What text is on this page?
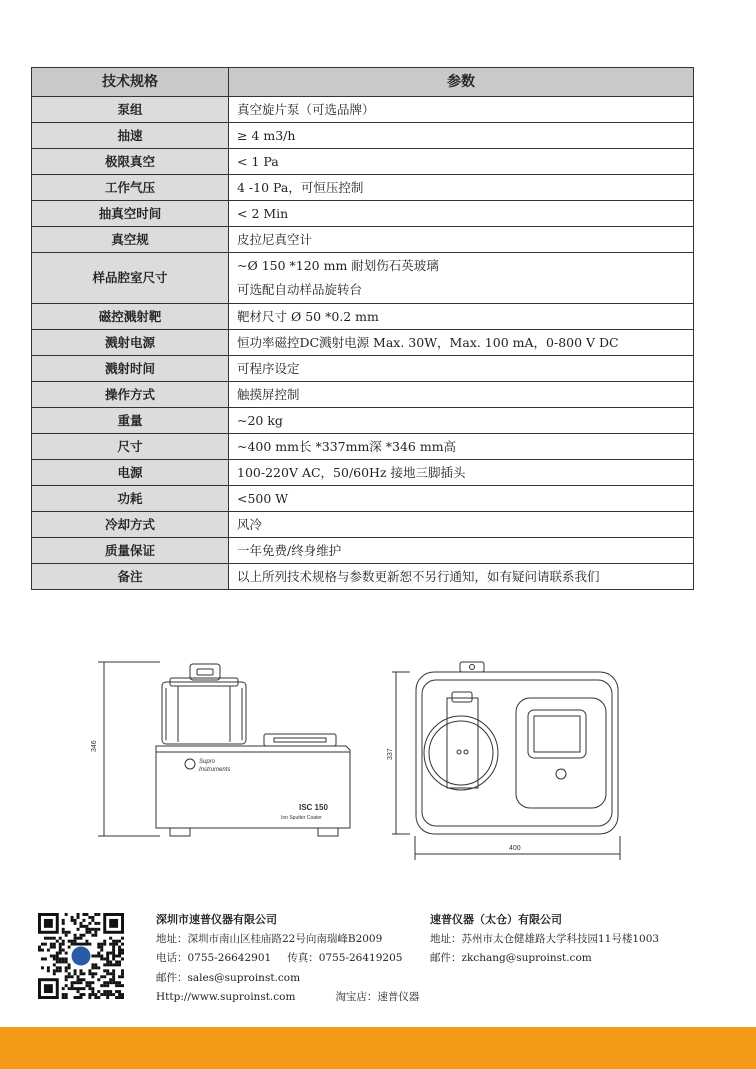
技术规格	参数
泵组	真空旋片泵（可选品牌）
抽速	≥ 4 m3/h
极限真空	< 1 Pa
工作气压	4 -10 Pa，可恒压控制
抽真空时间	< 2 Min
真空规	皮拉尼真空计
样品腔室尺寸	~Ø 150 *120 mm 耐划伤石英玻璃
可选配自动样品旋转台

磁控溅射靶	靶材尺寸 Ø 50 *0.2 mm
溅射电源	恒功率磁控DC溅射电源 Max. 30W，Max. 100 mA，0-800 V DC
溅射时间	可程序设定
操作方式	触摸屏控制
重量	~20 kg
尺寸	~400 mm长 *337mm深 *346 mm高
电源	100-220V AC，50/60Hz 接地三脚插头
功耗	<500 W
冷却方式	风冷
质量保证	一年免费/终身维护
备注	以上所列技术规格与参数更新恕不另行通知，如有疑问请联系我们
346
Supro
Instruments
ISC 150
Ion Sputter Coater
337
400
深圳市速普仪器有限公司
地址：深圳市南山区桂庙路22号向南瑞峰B2009
电话：0755-26642901 传真：0755-26419205
邮件：sales@suproinst.com
Http://www.suproinst.com	淘宝店：速普仪器
速普仪器（太仓）有限公司
地址：苏州市太仓健雄路大学科技园11号楼1003
邮件：zkchang@suproinst.com
